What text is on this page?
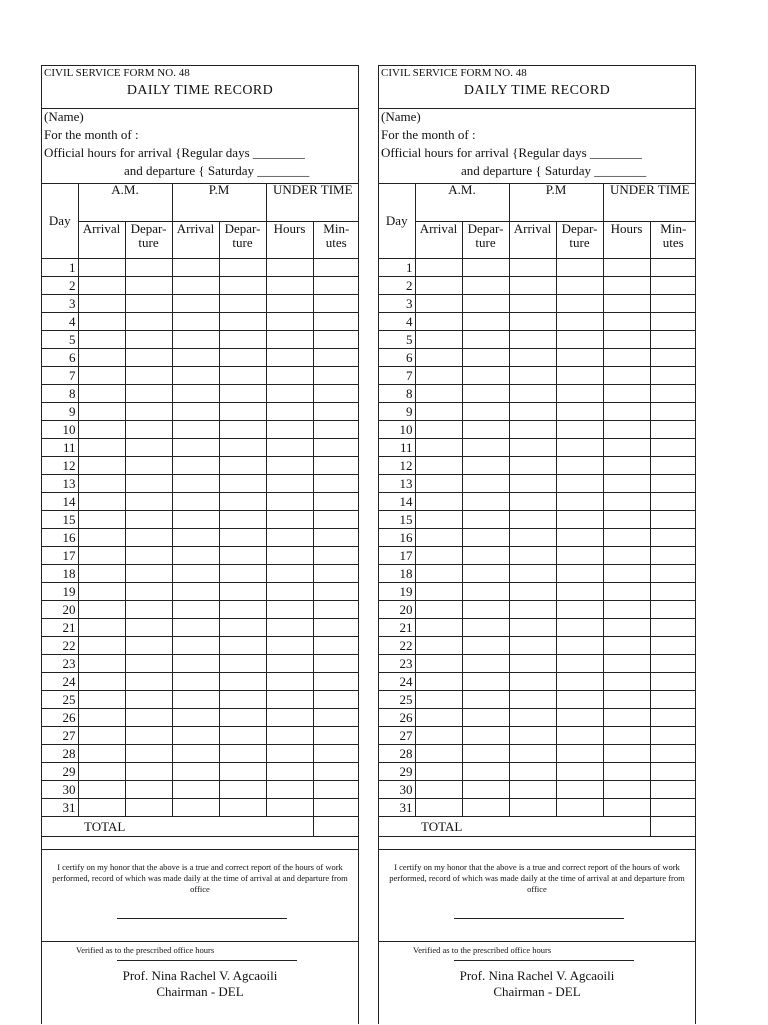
CIVIL SERVICE FORM NO. 48
DAILY TIME RECORD
(Name)
For the month of :
Official hours for arrival {Regular days ________
and departure { Saturday ________
Day	A.M.		P.M		UNDER TIME	
	Arrival	Depar- ture	Arrival	Depar- ture	Hours	Min- utes
1						
2						
3						
4						
5						
6						
7						
8						
9						
10						
11						
12						
13						
14						
15						
16						
17						
18						
19						
20						
21						
22						
23						
24						
25						
26						
27						
28						
29						
30						
31						
TOTAL						
I certify on my honor that the above is a true and correct report of the hours of work performed, record of which was made daily at the time of arrival at and departure from office
Verified as to the prescribed office hours
Prof. Nina Rachel V. Agcaoili
Chairman - DEL
CIVIL SERVICE FORM NO. 48
DAILY TIME RECORD
(Name)
For the month of :
Official hours for arrival {Regular days ________
and departure { Saturday ________
Day	A.M.		P.M		UNDER TIME	
	Arrival	Depar- ture	Arrival	Depar- ture	Hours	Min- utes
1						
2						
3						
4						
5						
6						
7						
8						
9						
10						
11						
12						
13						
14						
15						
16						
17						
18						
19						
20						
21						
22						
23						
24						
25						
26						
27						
28						
29						
30						
31						
TOTAL						
I certify on my honor that the above is a true and correct report of the hours of work performed, record of which was made daily at the time of arrival at and departure from office
Verified as to the prescribed office hours
Prof. Nina Rachel V. Agcaoili
Chairman - DEL
